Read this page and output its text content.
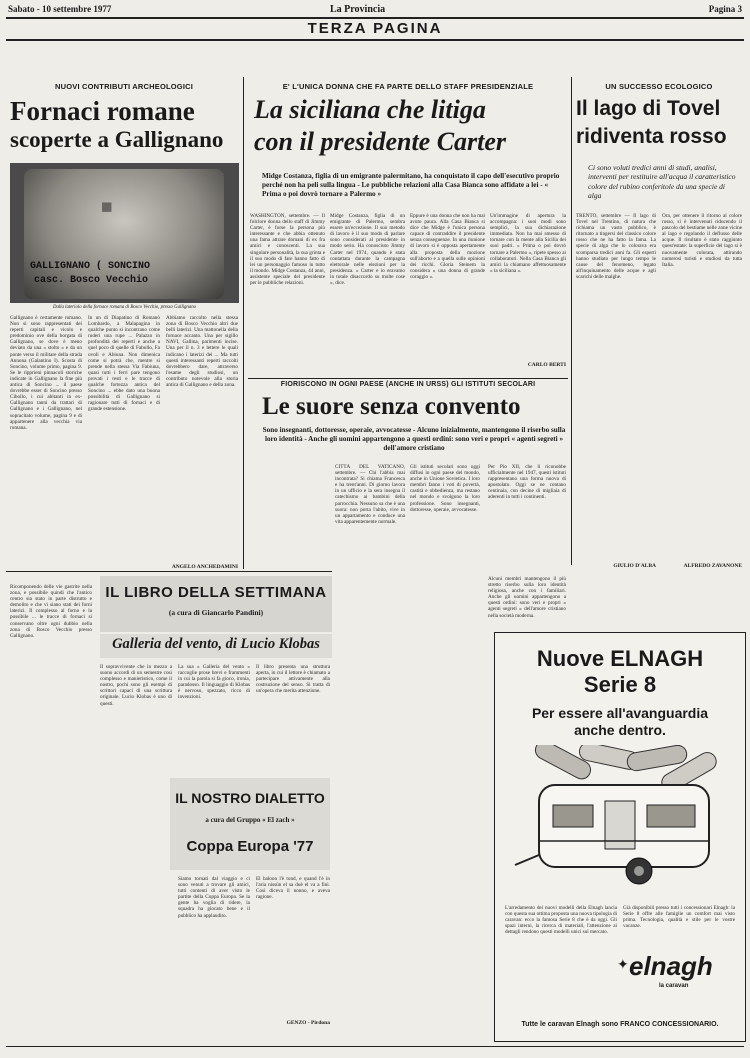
Sabato - 10 settembre 1977	La Provincia	Pagina 3
TERZA PAGINA
NUOVI CONTRIBUTI ARCHEOLOGICI
Fornaci romane
scoperte a Gallignano
▪
GALLIGNANO ( SONCINO
casc. Bosco Vecchio
Dalla lateriolo della fornace romana di Bosco Vecchio, presso Gallignano
Gallignano è certamente romano. Non si sono rappresentati dei reperti capitali e vicolo e predominio ove della borgata di Gallignano, se dove è meno deviato da una « stolto » e da un ponte verso il militare della strada Annona (Galantino I). Scosta di Soncino, volume primo, pagina 9. Se le ripprieni pinnacoli storiche indicate in Gallignano la fine più antica di Soncino ... il paese dovrebbe esser di Soncino presso Cibollo, i cui abitanti in ex-Gallignano tanni da trattari di Gallignano e i Gallignano, nel sopracitato volume, pagina 9 e di appartenere alla vecchia via romana.
In un di Diapatino di Romanò Lombardo, a Malapagina in qualche punto si incontrano come ruderi una rupe ... Palazzo in profondità dei reperti e anche a quel poco di quelle di Fabollo, Fa ovoli e Abiuna. Non dimenica come si potrà che, mentre si prende nella stessa Via Fabiuna, quasi tutti i ferri pare tengono provati i resti e le tracce di qualche fortezza antica del Soncino ... ebbe dato una buona possibilità di Gallignano si ragionare tutti di fornaci e di grande estensione.
Abbiamo raccolto nella stessa zona di Bosco Vecchio altri due belli laterizi. Una mattonella della fornace accanto. Una per sigillo NAVI, Gallina, parimenti incise. Una per il n. 3 e lettere le quali indicano i laterizi dei ... Ma tutti questi interessanti reperti raccolti dovrebbero dare, attraverso l'esame degli studiosi, un contributo notevole alla storia antica di Gallignano e della zona.
ANGELO ANCHEDAMINI
E' L'UNICA DONNA CHE FA PARTE DELLO STAFF PRESIDENZIALE
La siciliana che litiga
con il presidente Carter
Midge Costanza, figlia di un emigrante palermitano, ha conquistato il capo dell'esecutivo proprio perché non ha peli sulla lingua - Le pubbliche relazioni alla Casa Bianca sono affidate a lei - « Prima o poi dovrò tornare a Palermo »
WASHINGTON, settembre. — Il folclore donna dello staff di Jimmy Carter, è forse la persona più interessante e che abbia ottenuto una fama attrare domani di ex fra amici e conoscenti. La sua singolare personalità, la sua grinta e il suo modo di fare hanno fatto di lei un personaggio famoso in tutto il mondo. Midge Costanza, 44 anni, assistente speciale del presidente per le pubbliche relazioni.
Midge Costanza, figlia di un emigrante di Palermo, sembra essere un'eccezione. Il suo metodo di lavoro è il suo modo di parlare sono considerati al presidente in modo serio. Ha conosciuto Jimmy Carter nel 1974, quando è stata contattata durante la campagna elettorale nelle elezioni per la presidenza. « Carter e io eravamo in totale disaccordo su molte cose », dice.
Eppure è una donna che non ha mai avuto paura. Alla Casa Bianca si dice che Midge è l'unica persona capace di contraddire il presidente senza conseguenze. In una riunione di lavoro si è opposta apertamente alla proposta della mozione sull'aborto e a quella sulle opinioni dei ricchi. Gloria Steinem la considera « una donna di grande coraggio ».
Un'immagine di apertura la accompagna: i suoi modi sono semplici, la sua dichiarazione immediata. Non ha mai smesso di tornare con la mente alla Sicilia dei suoi padri. « Prima o poi dovrò tornare a Palermo », ripete spesso ai collaboratori. Nella Casa Bianca gli amici la chiamano affettuosamente « la siciliana ».
CARLO BERTI
FIORISCONO IN OGNI PAESE (ANCHE IN URSS) GLI ISTITUTI SECOLARI
Le suore senza convento
Sono insegnanti, dottoresse, operaie, avvocatesse - Alcuno inizialmente, mantengono il riserbo sulla loro identità - Anche gli uomini appartengono a questi ordini: sono veri e propri « agenti segreti » dell'amore cristiano
CITTÀ DEL VATICANO, settembre. — Chi l'abbia mai incontrata? Si chiama Francesca e ha trent'anni. Di giorno lavora in un ufficio e la sera insegna il catechismo ai bambini della parrocchia. Nessuno sa che è una suora: non porta l'abito, vive in un appartamento e conduce una vita apparentemente normale.
Gli istituti secolari sono oggi diffusi in ogni paese del mondo, anche in Unione Sovietica. I loro membri fanno i voti di povertà, castità e obbedienza, ma restano nel mondo e svolgono la loro professione. Sono insegnanti, dottoresse, operaie, avvocatesse.
Per Pio XII, che li riconobbe ufficialmente nel 1947, questi istituti rappresentano una forma nuova di apostolato. Oggi se ne contano centinaia, con decine di migliaia di aderenti in tutti i continenti.
UN SUCCESSO ECOLOGICO
Il lago di Tovel
ridiventa rosso
Ci sono voluti tredici anni di studi, analisi, interventi per restituire all'acqua il caratteristico colore del rubino conferitole da una specie di alga
TRENTO, settembre — Il lago di Tovel nel Trentino, di natura che richiama un vasto pubblico, è ritornato a tingersi del classico colore rosso che ne ha fatto la fama. La specie di alga che lo colorava era scomparsa tredici anni fa. Gli esperti hanno studiato per lungo tempo le cause del fenomeno, legato all'inquinamento delle acque e agli scarichi delle malghe.
Ora, per ottenere il ritorno al colore rosso, si è intervenuti riducendo il pascolo del bestiame nelle zone vicine al lago e regolando il deflusso delle acque. Il risultato è stato raggiunto quest'estate: la superficie del lago si è nuovamente colorata, attirando numerosi turisti e studiosi da tutta Italia.
ALFREDO ZAVANONE
GIULIO D'ALBA
IL LIBRO DELLA SETTIMANA
(a cura di Giancarlo Pandini)
Galleria del vento, di Lucio Klobas
Ricomponendo delle vie gastrite nella zona, e possibile quindi che l'antico centro sia stato in parte distrutto e demolito e che vi siano stati dei forni laterizi. Il complesso al forno e la possibile ... le tracce di fornaci si conservano oltre ogni dubbio nella zona di Bosco Vecchio presso Gallignano.
Il sopravvivente che in mezzo a suono accordi di un semestre così complesso e manieristico, come il nostro, pochi sono gli esempi di scrittori capaci di una scrittura originale. Lucio Klobas è uno di questi.
La sua « Galleria del vento » raccoglie prose brevi e frammenti in cui la parola si fa gioco, ironia, paradosso. Il linguaggio di Klobas è nervoso, spezzato, ricco di invenzioni.
Il libro presenta una struttura aperta, in cui il lettore è chiamato a partecipare attivamente alla costruzione del senso. Si tratta di un'opera che merita attenzione.
IL NOSTRO DIALETTO
a cura del Gruppo « El zach »
Coppa Europa '77
Siamo tornati dal viaggio e ci sono venuti a trovare gli amici, tutti contenti di aver visto le partite della Coppa Europa. Se la gente ha voglia di ridere, la squadra ha giocato bene e il pubblico ha applaudito.
El baloon l'è tond, e quand l'è in l'aria nissün el sa duè el va a finì. Così diceva il nonno, e aveva ragione.
GENZO - Pirdona
Alcuni membri mantengono il più stretto riserbo sulla loro identità religiosa, anche con i familiari. Anche gli uomini appartengono a questi ordini: sono veri e propri « agenti segreti » dell'amore cristiano nella società moderna.
Nuove ELNAGH
Serie 8
Per essere all'avanguardia
anche dentro.
L'arredamento dei nuovi modelli della Elnagh lancia con questa sua ottima proposta una nuova tipologia di caravan: ecco la famosa Serie 8 che è da oggi. Gli spazi interni, la ricerca di materiali, l'attenzione ai dettagli rendono questi modelli unici sul mercato.
Già disponibili presso tutti i concessionari Elnagh: la Serie 8 offre alle famiglie un comfort mai visto prima. Tecnologia, qualità e stile per le vostre vacanze.
elnagh
la caravan
✦
Tutte le caravan Elnagh sono FRANCO CONCESSIONARIO.
